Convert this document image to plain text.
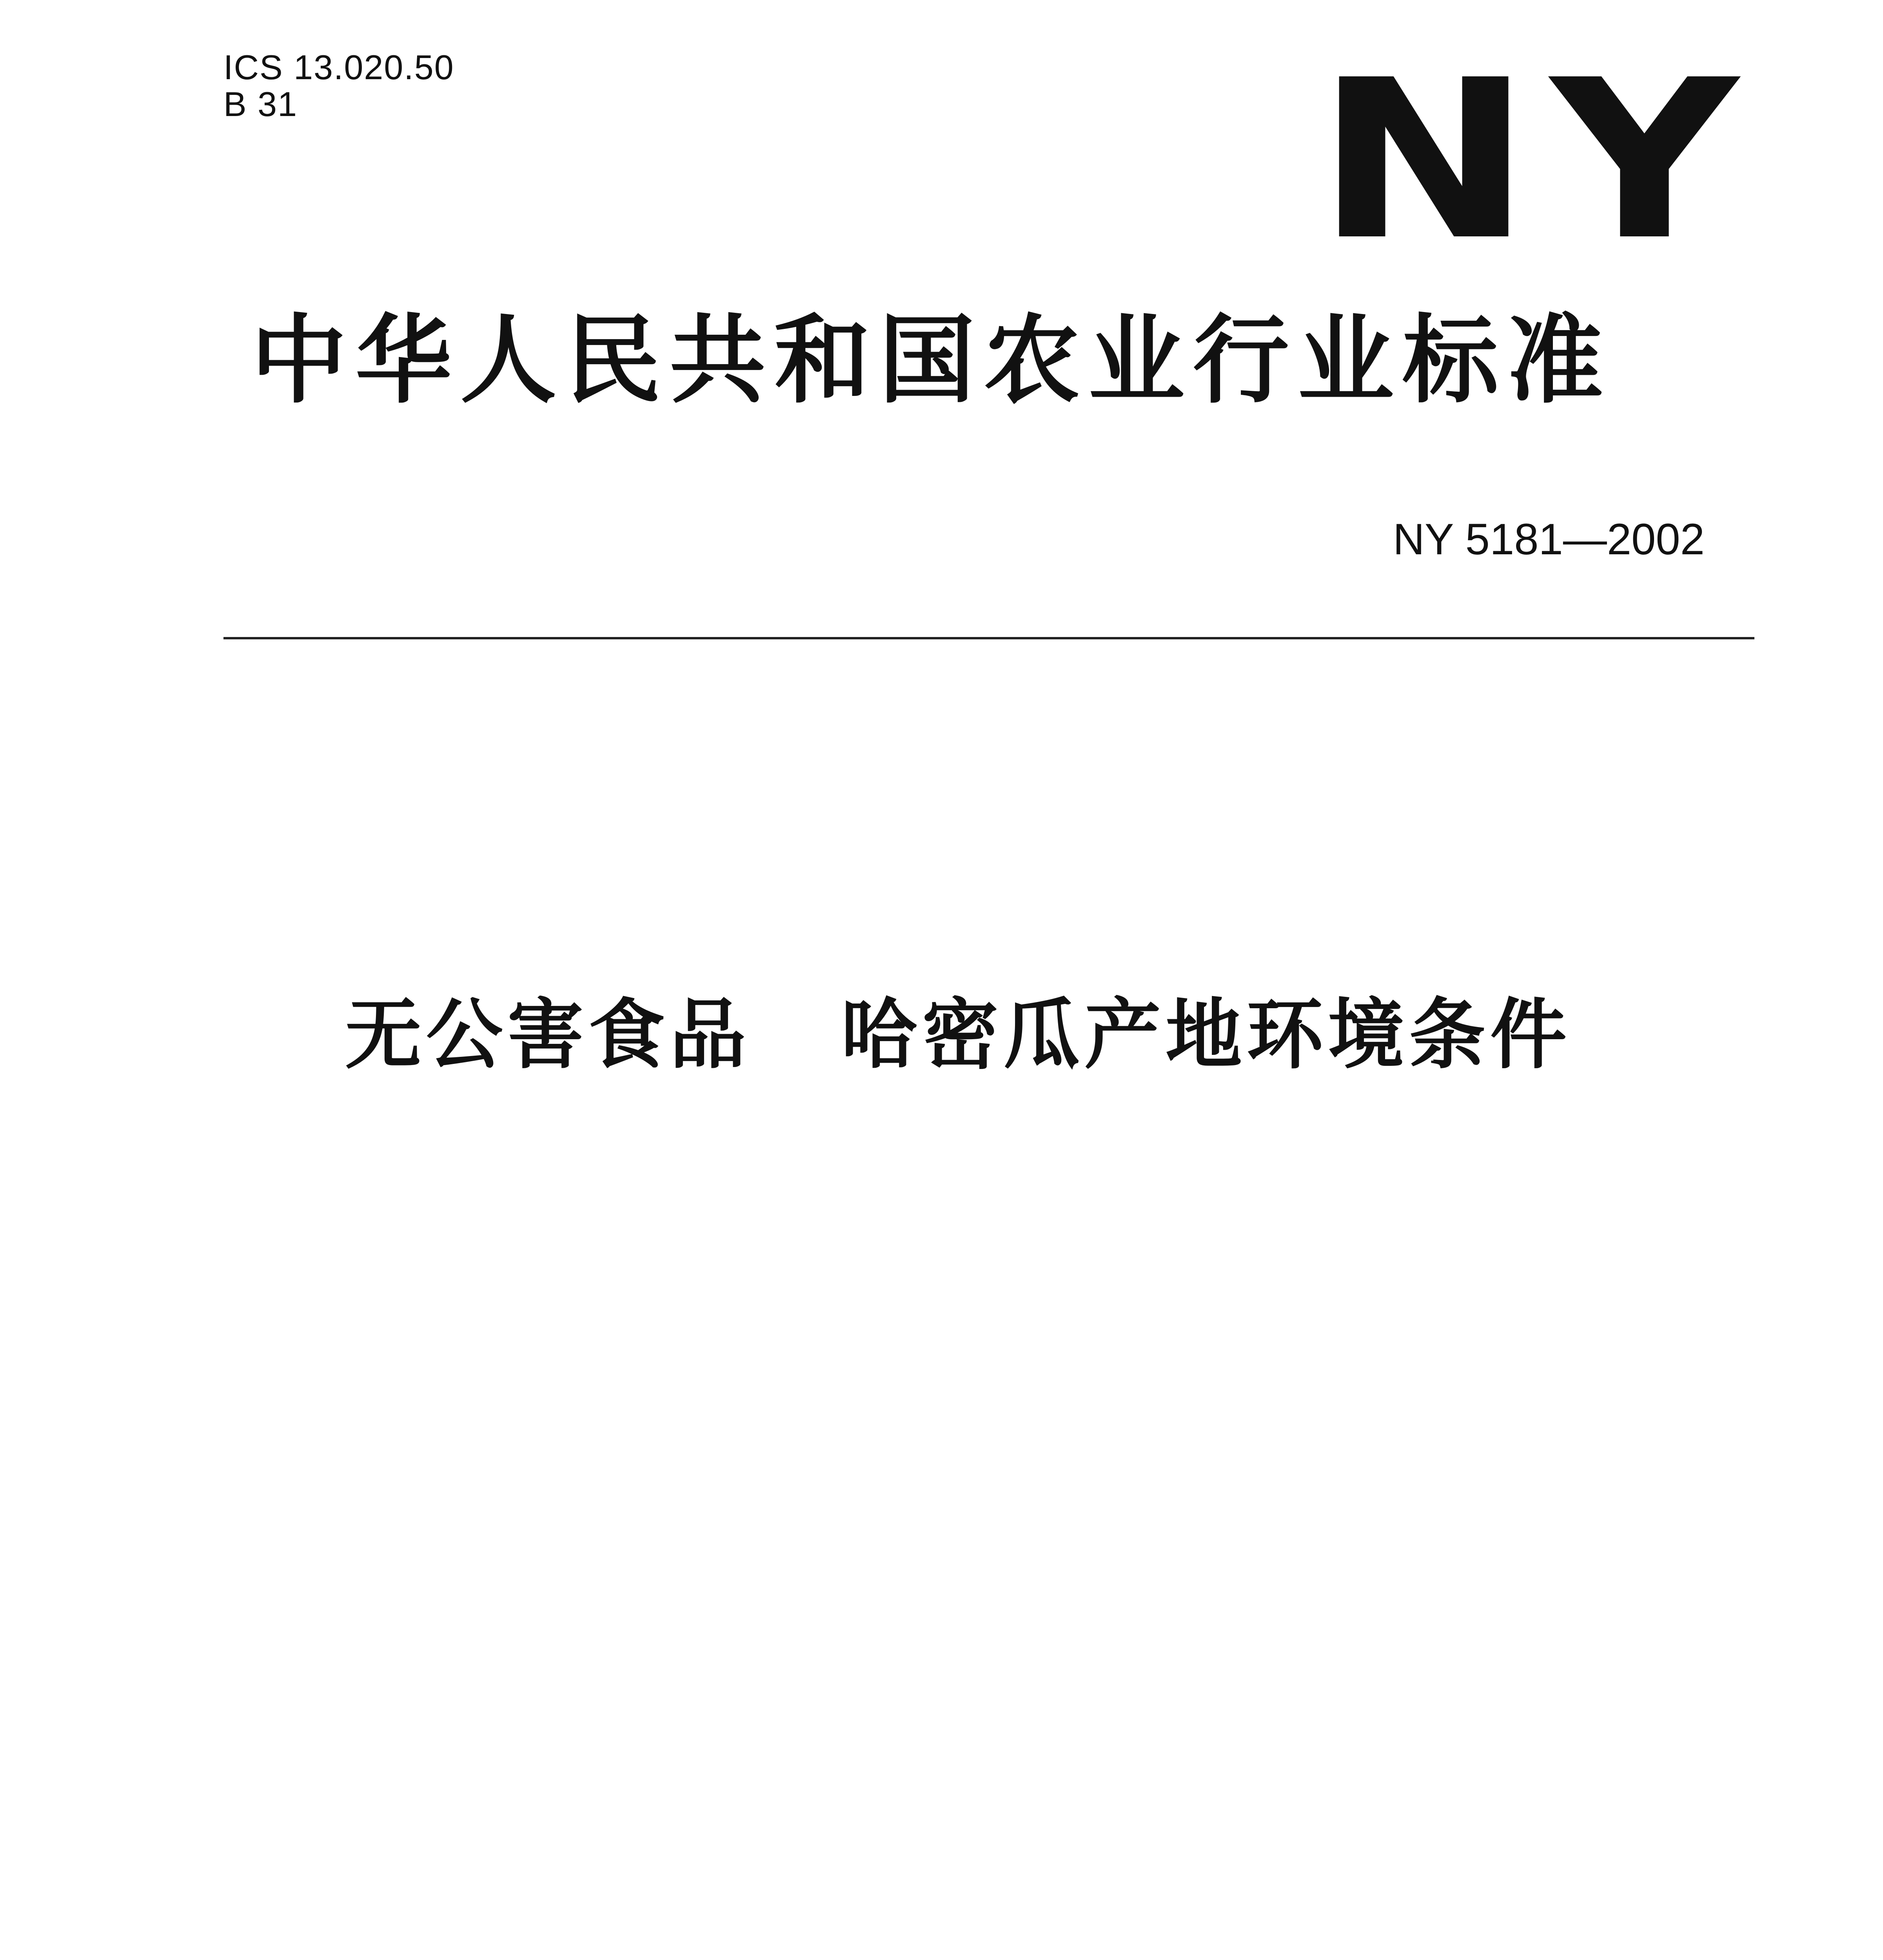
ICS 13.020.50
B 31	NY
中华人民共和国农业行业标准
NY 5181—2002
无公害食品 哈密瓜产地环境条件
